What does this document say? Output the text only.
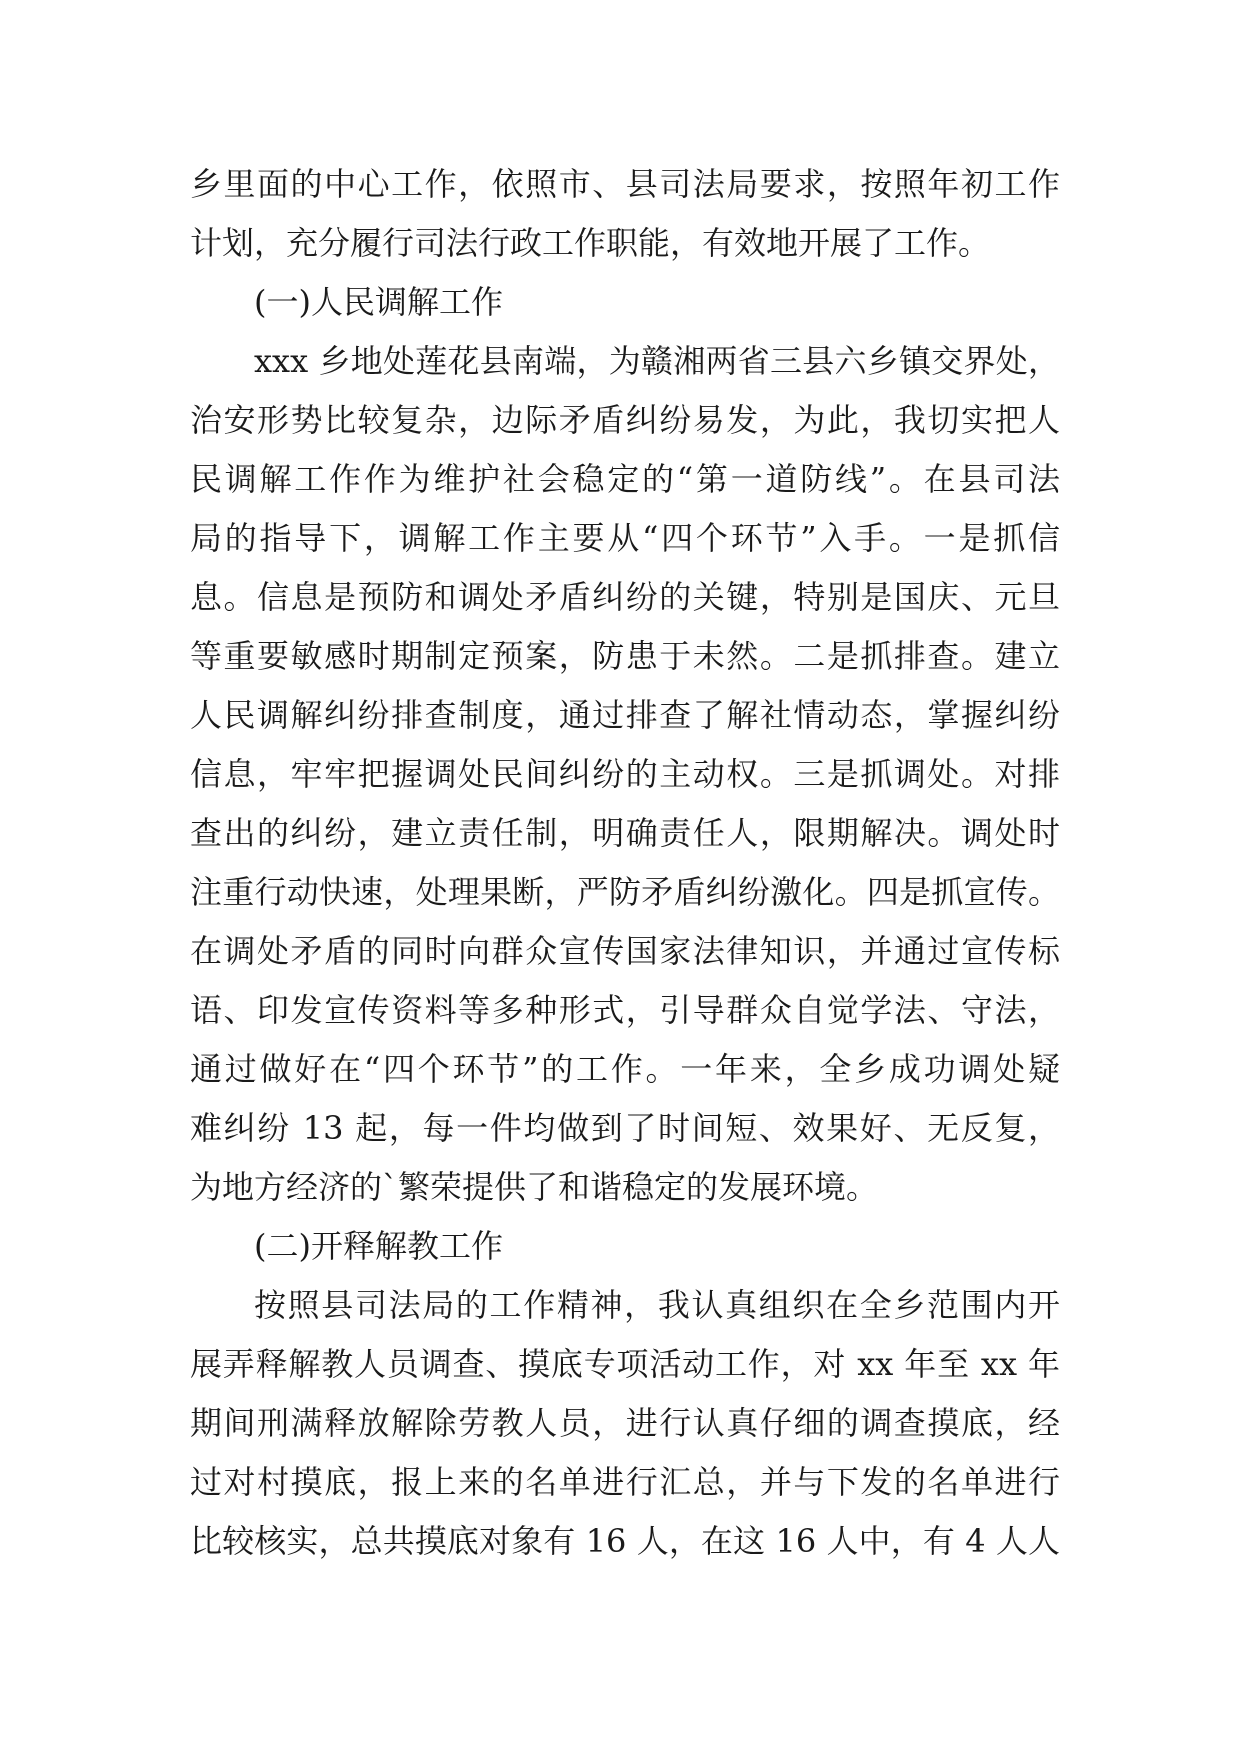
乡里面的中心工作，依照市、县司法局要求，按照年初工作
计划，充分履行司法行政工作职能，有效地开展了工作。
(一)人民调解工作
xxx 乡地处莲花县南端，为赣湘两省三县六乡镇交界处，
治安形势比较复杂，边际矛盾纠纷易发，为此，我切实把人
民调解工作作为维护社会稳定的“第一道防线”。在县司法
局的指导下，调解工作主要从“四个环节”入手。一是抓信
息。信息是预防和调处矛盾纠纷的关键，特别是国庆、元旦
等重要敏感时期制定预案，防患于未然。二是抓排查。建立
人民调解纠纷排查制度，通过排查了解社情动态，掌握纠纷
信息，牢牢把握调处民间纠纷的主动权。三是抓调处。对排
查出的纠纷，建立责任制，明确责任人，限期解决。调处时
注重行动快速，处理果断，严防矛盾纠纷激化。四是抓宣传。
在调处矛盾的同时向群众宣传国家法律知识，并通过宣传标
语、印发宣传资料等多种形式，引导群众自觉学法、守法，
通过做好在“四个环节”的工作。一年来，全乡成功调处疑
难纠纷 13 起，每一件均做到了时间短、效果好、无反复，
为地方经济的`繁荣提供了和谐稳定的发展环境。
(二)开释解教工作
按照县司法局的工作精神，我认真组织在全乡范围内开
展弄释解教人员调查、摸底专项活动工作，对 xx 年至 xx 年
期间刑满释放解除劳教人员，进行认真仔细的调查摸底，经
过对村摸底，报上来的名单进行汇总，并与下发的名单进行
比较核实，总共摸底对象有 16 人，在这 16 人中，有 4 人人
